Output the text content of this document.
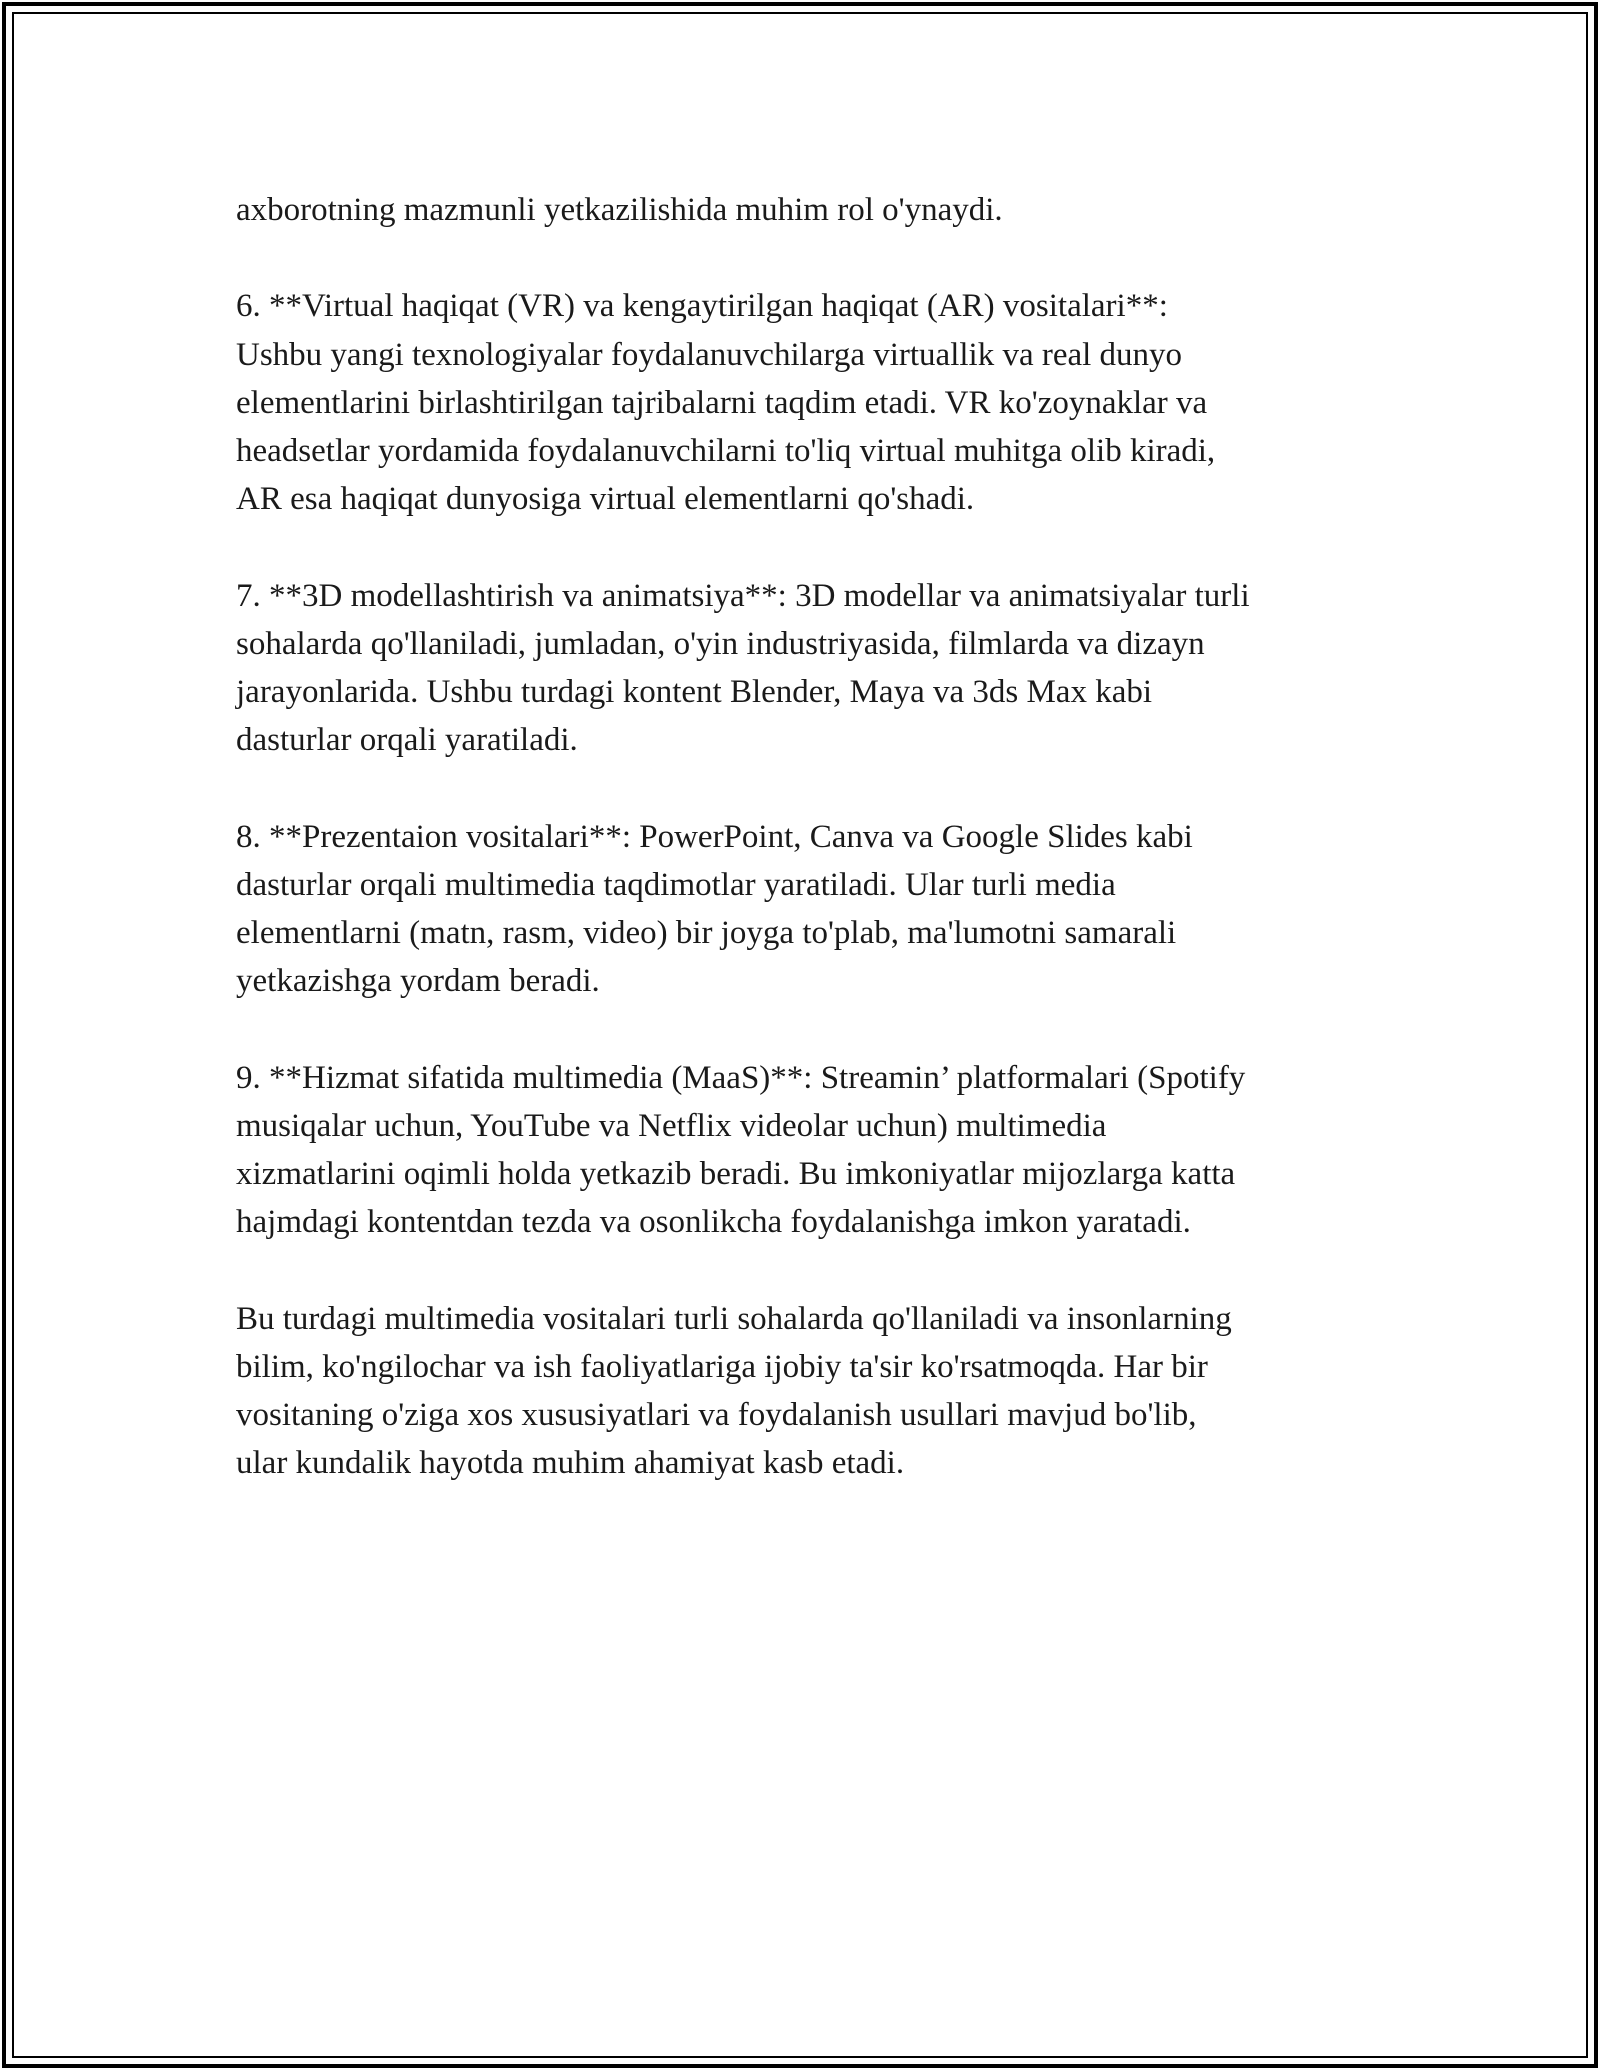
axborotning mazmunli yetkazilishida muhim rol o'ynaydi.

6. **Virtual haqiqat (VR) va kengaytirilgan haqiqat (AR) vositalari**:
Ushbu yangi texnologiyalar foydalanuvchilarga virtuallik va real dunyo
elementlarini birlashtirilgan tajribalarni taqdim etadi. VR ko'zoynaklar va
headsetlar yordamida foydalanuvchilarni to'liq virtual muhitga olib kiradi,
AR esa haqiqat dunyosiga virtual elementlarni qo'shadi.

7. **3D modellashtirish va animatsiya**: 3D modellar va animatsiyalar turli
sohalarda qo'llaniladi, jumladan, o'yin industriyasida, filmlarda va dizayn
jarayonlarida. Ushbu turdagi kontent Blender, Maya va 3ds Max kabi
dasturlar orqali yaratiladi.

8. **Prezentaion vositalari**: PowerPoint, Canva va Google Slides kabi
dasturlar orqali multimedia taqdimotlar yaratiladi. Ular turli media
elementlarni (matn, rasm, video) bir joyga to'plab, ma'lumotni samarali
yetkazishga yordam beradi.

9. **Hizmat sifatida multimedia (MaaS)**: Streamin’ platformalari (Spotify
musiqalar uchun, YouTube va Netflix videolar uchun) multimedia
xizmatlarini oqimli holda yetkazib beradi. Bu imkoniyatlar mijozlarga katta
hajmdagi kontentdan tezda va osonlikcha foydalanishga imkon yaratadi.

Bu turdagi multimedia vositalari turli sohalarda qo'llaniladi va insonlarning
bilim, ko'ngilochar va ish faoliyatlariga ijobiy ta'sir ko'rsatmoqda. Har bir
vositaning o'ziga xos xususiyatlari va foydalanish usullari mavjud bo'lib,
ular kundalik hayotda muhim ahamiyat kasb etadi.
